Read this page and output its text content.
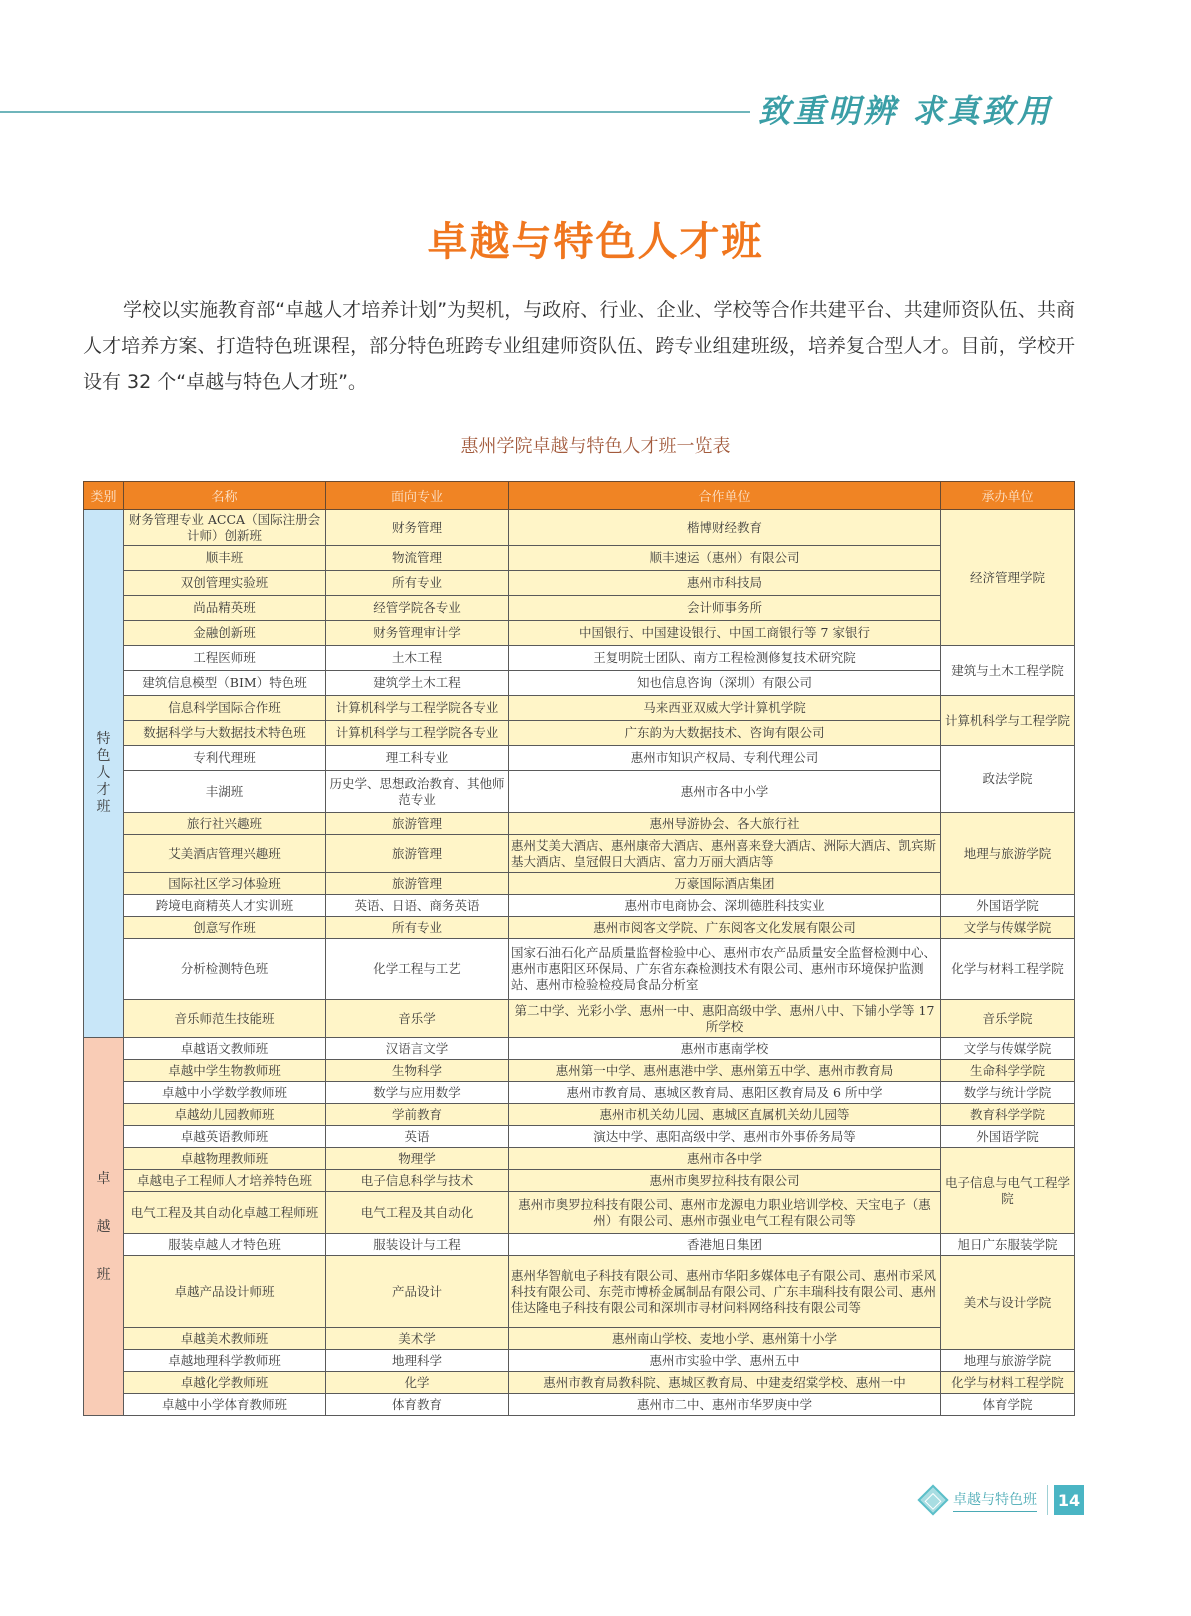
致重明辨 求真致用
卓越与特色人才班

学校以实施教育部“卓越人才培养计划”为契机，与政府、行业、企业、学校等合作共建平台、共建师资队伍、共商人才培养方案、打造特色班课程，部分特色班跨专业组建师资队伍、跨专业组建班级，培养复合型人才。目前，学校开设有 32 个“卓越与特色人才班”。

惠州学院卓越与特色人才班一览表
类别	名称	面向专业	合作单位	承办单位
特色人才班	财务管理专业 ACCA（国际注册会计师）创新班	财务管理	楷博财经教育	经济管理学院
	顺丰班	物流管理	顺丰速运（惠州）有限公司	
	双创管理实验班	所有专业	惠州市科技局	
	尚品精英班	经管学院各专业	会计师事务所	
	金融创新班	财务管理审计学	中国银行、中国建设银行、中国工商银行等 7 家银行	
	工程医师班	土木工程	王复明院士团队、南方工程检测修复技术研究院	建筑与土木工程学院
	建筑信息模型（BIM）特色班	建筑学土木工程	知也信息咨询（深圳）有限公司	
	信息科学国际合作班	计算机科学与工程学院各专业	马来西亚双威大学计算机学院	计算机科学与工程学院
	数据科学与大数据技术特色班	计算机科学与工程学院各专业	广东韵为大数据技术、咨询有限公司	
	专利代理班	理工科专业	惠州市知识产权局、专利代理公司	政法学院
	丰湖班	历史学、思想政治教育、其他师范专业	惠州市各中小学	
	旅行社兴趣班	旅游管理	惠州导游协会、各大旅行社	地理与旅游学院
	艾美酒店管理兴趣班	旅游管理	惠州艾美大酒店、惠州康帝大酒店、惠州喜来登大酒店、洲际大酒店、凯宾斯基大酒店、皇冠假日大酒店、富力万丽大酒店等	
	国际社区学习体验班	旅游管理	万豪国际酒店集团	
	跨境电商精英人才实训班	英语、日语、商务英语	惠州市电商协会、深圳德胜科技实业	外国语学院
	创意写作班	所有专业	惠州市阅客文学院、广东阅客文化发展有限公司	文学与传媒学院
	分析检测特色班	化学工程与工艺	国家石油石化产品质量监督检验中心、惠州市农产品质量安全监督检测中心、惠州市惠阳区环保局、广东省东森检测技术有限公司、惠州市环境保护监测站、惠州市检验检疫局食品分析室	化学与材料工程学院
	音乐师范生技能班	音乐学	第二中学、光彩小学、惠州一中、惠阳高级中学、惠州八中、下铺小学等 17 所学校	音乐学院
卓越班	卓越语文教师班	汉语言文学	惠州市惠南学校	文学与传媒学院
	卓越中学生物教师班	生物科学	惠州第一中学、惠州惠港中学、惠州第五中学、惠州市教育局	生命科学学院
	卓越中小学数学教师班	数学与应用数学	惠州市教育局、惠城区教育局、惠阳区教育局及 6 所中学	数学与统计学院
	卓越幼儿园教师班	学前教育	惠州市机关幼儿园、惠城区直属机关幼儿园等	教育科学学院
	卓越英语教师班	英语	演达中学、惠阳高级中学、惠州市外事侨务局等	外国语学院
	卓越物理教师班	物理学	惠州市各中学	电子信息与电气工程学院
	卓越电子工程师人才培养特色班	电子信息科学与技术	惠州市奥罗拉科技有限公司	
	电气工程及其自动化卓越工程师班	电气工程及其自动化	惠州市奥罗拉科技有限公司、惠州市龙源电力职业培训学校、天宝电子（惠州）有限公司、惠州市强业电气工程有限公司等	
	服装卓越人才特色班	服装设计与工程	香港旭日集团	旭日广东服装学院
	卓越产品设计师班	产品设计	惠州华智航电子科技有限公司、惠州市华阳多媒体电子有限公司、惠州市采风科技有限公司、东莞市博桥金属制品有限公司、广东丰瑞科技有限公司、惠州佳达隆电子科技有限公司和深圳市寻材问料网络科技有限公司等	美术与设计学院
	卓越美术教师班	美术学	惠州南山学校、麦地小学、惠州第十小学	
	卓越地理科学教师班	地理科学	惠州市实验中学、惠州五中	地理与旅游学院
	卓越化学教师班	化学	惠州市教育局教科院、惠城区教育局、中建麦绍棠学校、惠州一中	化学与材料工程学院
	卓越中小学体育教师班	体育教育	惠州市二中、惠州市华罗庚中学	体育学院
卓越与特色班 14
